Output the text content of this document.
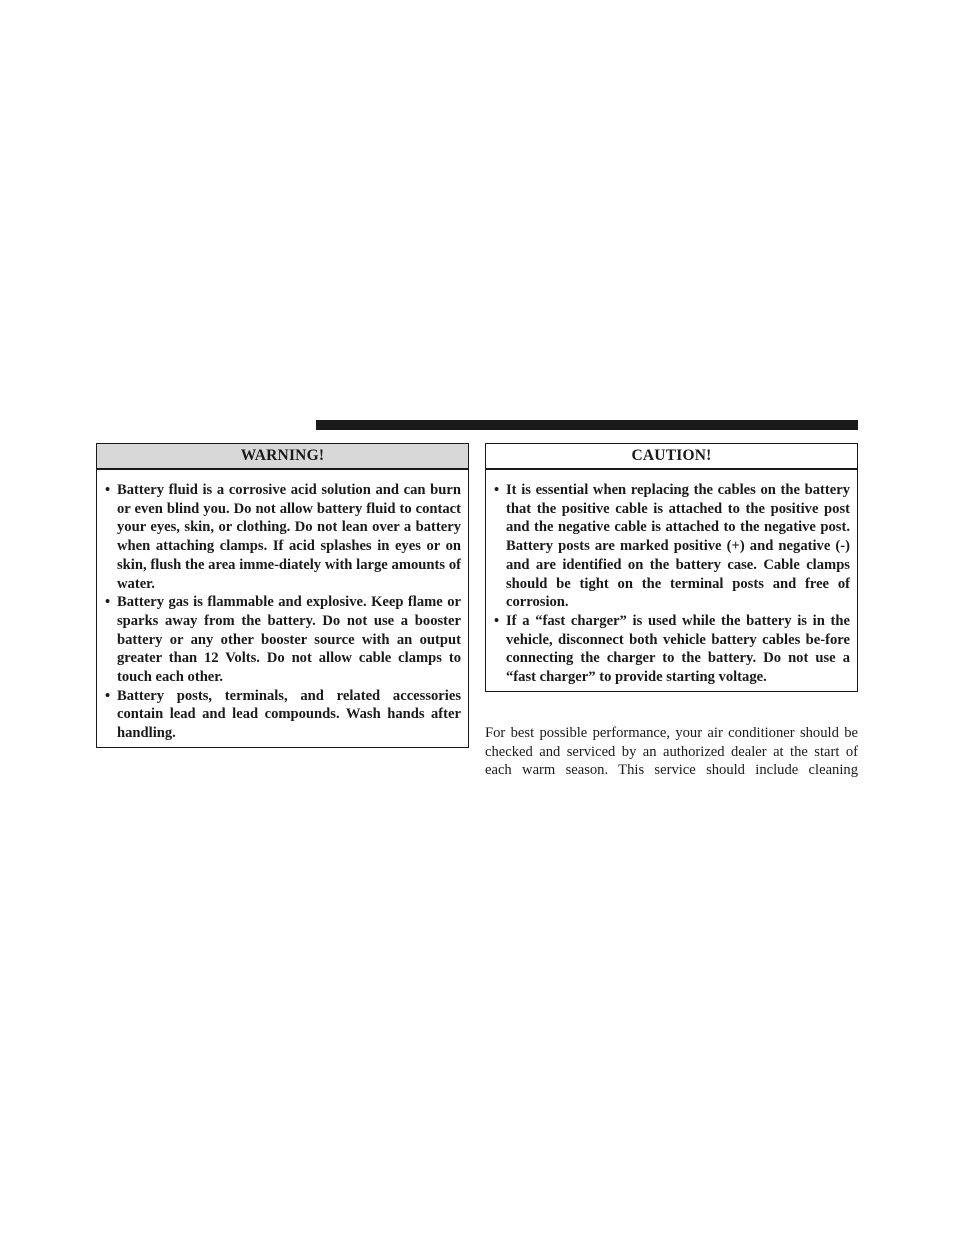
WARNING!
• Battery fluid is a corrosive acid solution and can burn or even blind you. Do not allow battery fluid to contact your eyes, skin, or clothing. Do not lean over a battery when attaching clamps. If acid splashes in eyes or on skin, flush the area imme-diately with large amounts of water.
• Battery gas is flammable and explosive. Keep flame or sparks away from the battery. Do not use a booster battery or any other booster source with an output greater than 12 Volts. Do not allow cable clamps to touch each other.
• Battery posts, terminals, and related accessories contain lead and lead compounds. Wash hands after handling.
CAUTION!
• It is essential when replacing the cables on the battery that the positive cable is attached to the positive post and the negative cable is attached to the negative post. Battery posts are marked positive (+) and negative (-) and are identified on the battery case. Cable clamps should be tight on the terminal posts and free of corrosion.
• If a “fast charger” is used while the battery is in the vehicle, disconnect both vehicle battery cables be-fore connecting the charger to the battery. Do not use a “fast charger” to provide starting voltage.
For best possible performance, your air conditioner should be checked and serviced by an authorized dealer at the start of each warm season. This service should include cleaning
